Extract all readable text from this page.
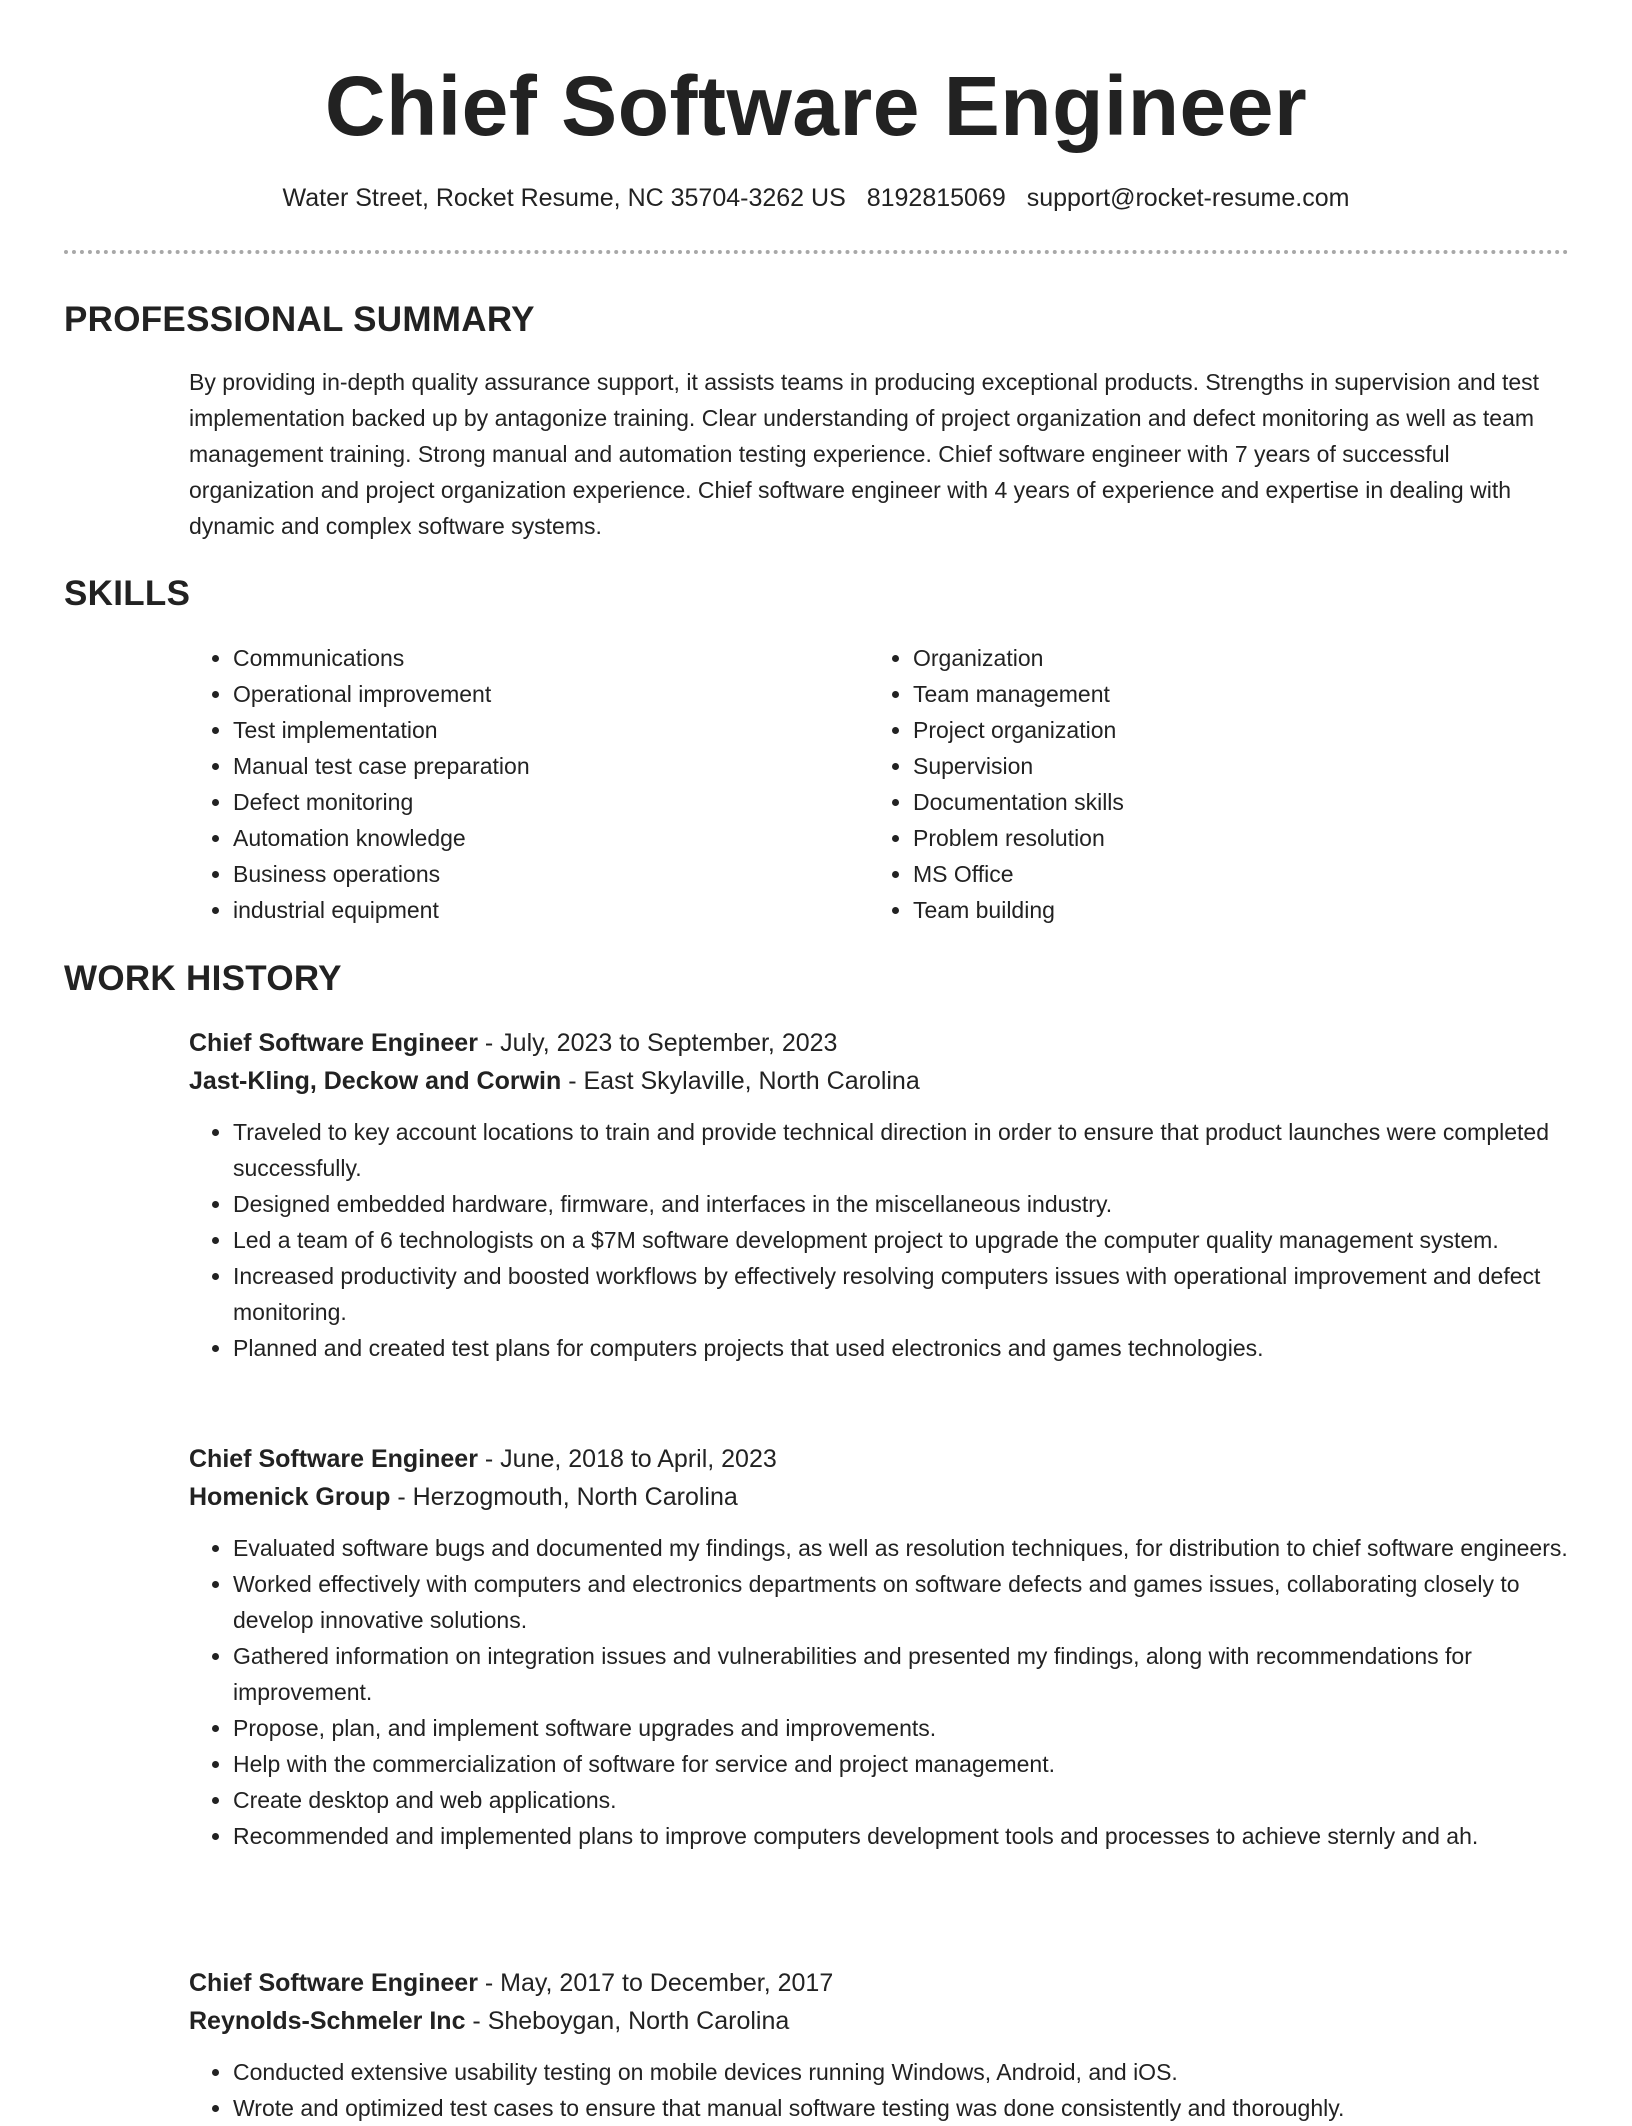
Chief Software Engineer
Water Street, Rocket Resume, NC 35704-3262 US 8192815069 support@rocket-resume.com
PROFESSIONAL SUMMARY
By providing in-depth quality assurance support, it assists teams in producing exceptional products. Strengths in supervision and test implementation backed up by antagonize training. Clear understanding of project organization and defect monitoring as well as team management training. Strong manual and automation testing experience. Chief software engineer with 7 years of successful organization and project organization experience. Chief software engineer with 4 years of experience and expertise in dealing with dynamic and complex software systems.
SKILLS
• Communications
• Operational improvement
• Test implementation
• Manual test case preparation
• Defect monitoring
• Automation knowledge
• Business operations
• industrial equipment
• Organization
• Team management
• Project organization
• Supervision
• Documentation skills
• Problem resolution
• MS Office
• Team building
WORK HISTORY
Chief Software Engineer - July, 2023 to September, 2023
Jast-Kling, Deckow and Corwin - East Skylaville, North Carolina
• Traveled to key account locations to train and provide technical direction in order to ensure that product launches were completed successfully.
• Designed embedded hardware, firmware, and interfaces in the miscellaneous industry.
• Led a team of 6 technologists on a $7M software development project to upgrade the computer quality management system.
• Increased productivity and boosted workflows by effectively resolving computers issues with operational improvement and defect monitoring.
• Planned and created test plans for computers projects that used electronics and games technologies.
Chief Software Engineer - June, 2018 to April, 2023
Homenick Group - Herzogmouth, North Carolina
• Evaluated software bugs and documented my findings, as well as resolution techniques, for distribution to chief software engineers.
• Worked effectively with computers and electronics departments on software defects and games issues, collaborating closely to develop innovative solutions.
• Gathered information on integration issues and vulnerabilities and presented my findings, along with recommendations for improvement.
• Propose, plan, and implement software upgrades and improvements.
• Help with the commercialization of software for service and project management.
• Create desktop and web applications.
• Recommended and implemented plans to improve computers development tools and processes to achieve sternly and ah.
Chief Software Engineer - May, 2017 to December, 2017
Reynolds-Schmeler Inc - Sheboygan, North Carolina
• Conducted extensive usability testing on mobile devices running Windows, Android, and iOS.
• Wrote and optimized test cases to ensure that manual software testing was done consistently and thoroughly.
